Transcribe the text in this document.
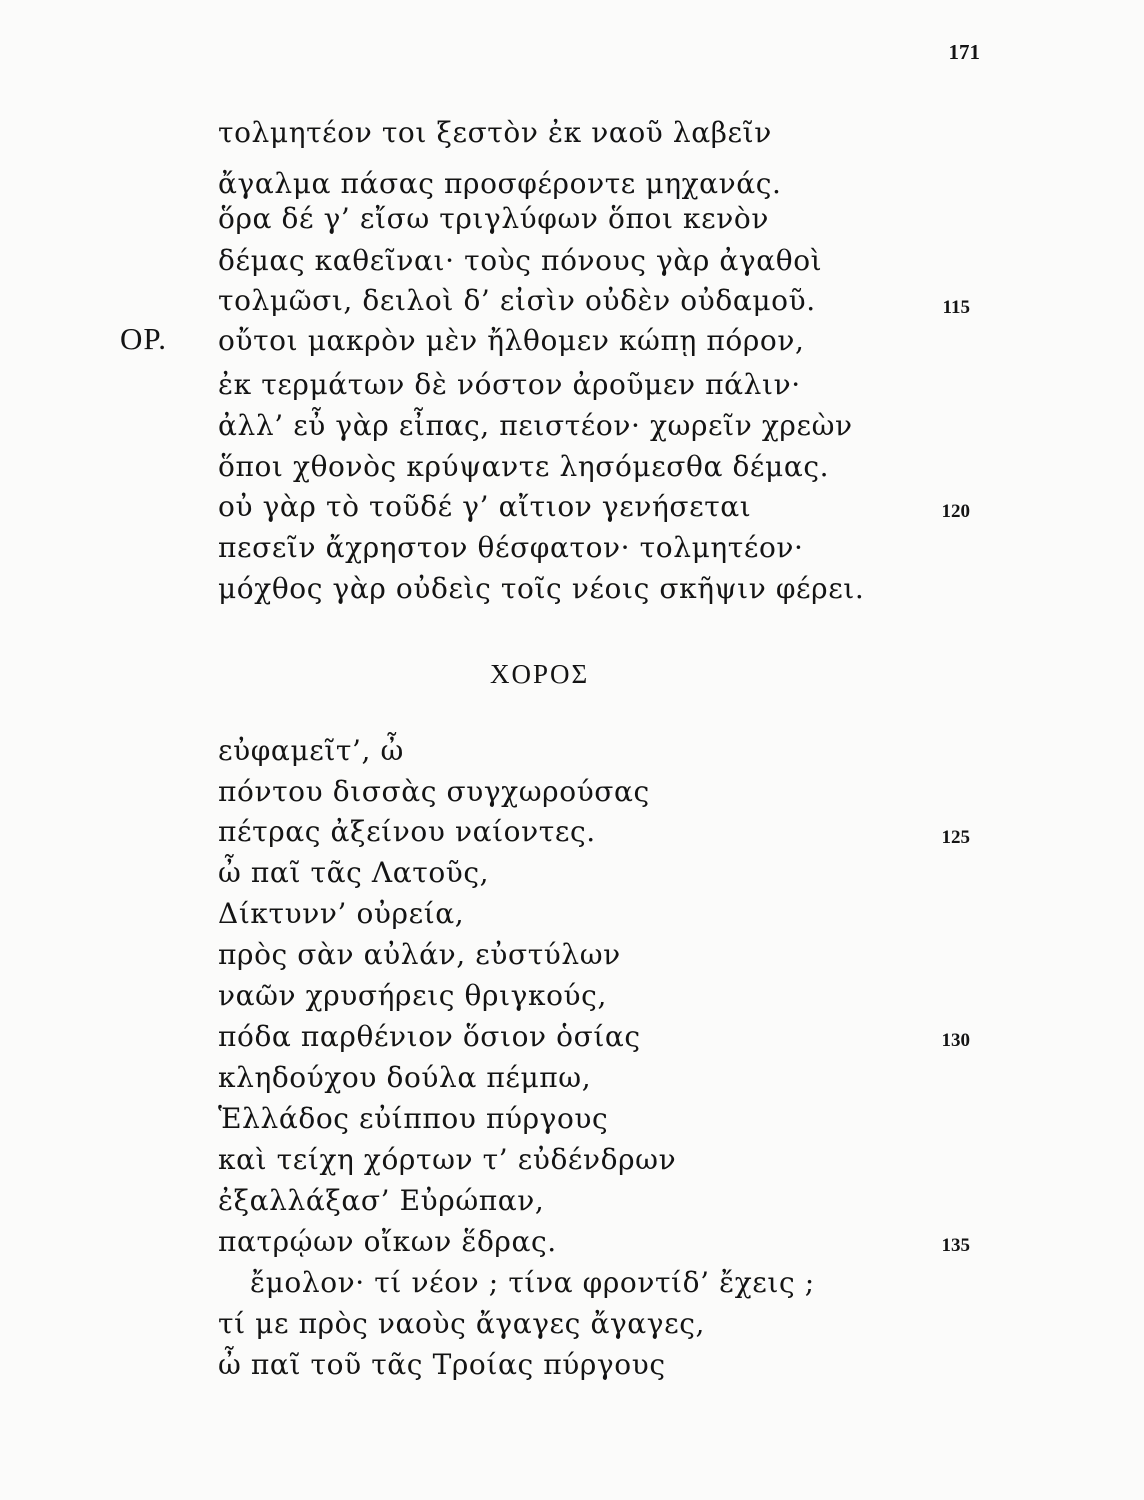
171
τολμητέον τοι ξεστὸν ἐκ ναοῦ λαβεῖν
ἄγαλμα πάσας προσφέροντε μηχανάς.
ὅρα δέ γ’ εἴσω τριγλύφων ὅποι κενὸν
δέμας καθεῖναι· τοὺς πόνους γὰρ ἀγαθοὶ
τολμῶσι, δειλοὶ δ’ εἰσὶν οὐδὲν οὐδαμοῦ.	115
ΟΡ. οὔτοι μακρὸν μὲν ἤλθομεν κώπῃ πόρον,
ἐκ τερμάτων δὲ νόστον ἀροῦμεν πάλιν·
ἀλλ’ εὖ γὰρ εἶπας, πειστέον· χωρεῖν χρεὼν
ὅποι χθονὸς κρύψαντε λησόμεσθα δέμας.
οὐ γὰρ τὸ τοῦδέ γ’ αἴτιον γενήσεται	120
πεσεῖν ἄχρηστον θέσφατον· τολμητέον·
μόχθος γὰρ οὐδεὶς τοῖς νέοις σκῆψιν φέρει.
ΧΟΡΟΣ
εὐφαμεῖτ’, ὦ
πόντου δισσὰς συγχωρούσας
πέτρας ἀξείνου ναίοντες.	125
ὦ παῖ τᾶς Λατοῦς,
Δίκτυνν’ οὐρεία,
πρὸς σὰν αὐλάν, εὐστύλων
ναῶν χρυσήρεις θριγκούς,
πόδα παρθένιον ὅσιον ὁσίας	130
κληδούχου δούλα πέμπω,
Ἑλλάδος εὐίππου πύργους
καὶ τείχη χόρτων τ’ εὐδένδρων
ἐξαλλάξασ’ Εὐρώπαν,
πατρῴων οἴκων ἕδρας.	135
ἔμολον· τί νέον ; τίνα φροντίδ’ ἔχεις ;
τί με πρὸς ναοὺς ἄγαγες ἄγαγες,
ὦ παῖ τοῦ τᾶς Τροίας πύργους
